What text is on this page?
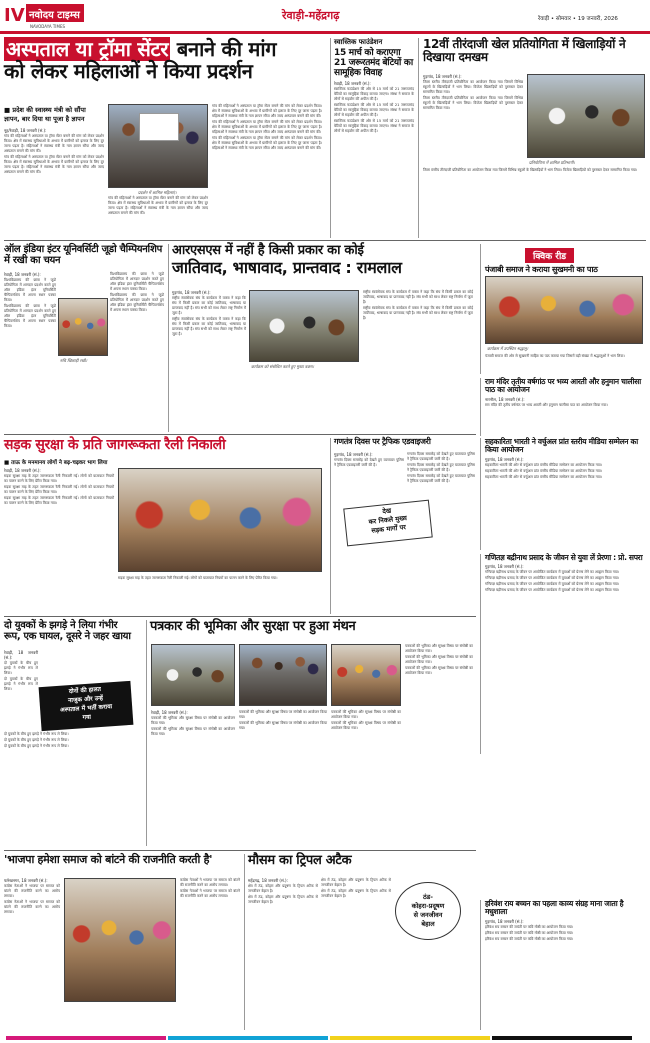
IV नवोदय टाइम्स
NAVODAYA TIMES
रेवाड़ी-महेंद्रगढ़	रेवाड़ी • सोमवार • 19 जनवरी, 2026
अस्पताल या ट्रॉमा सेंटर बनाने की मांग
को लेकर महिलाओं ने किया प्रदर्शन
■ प्रदेश की स्वास्थ्य मंत्री को सौंपा
ज्ञापन, बार दिया था पूजा है ज्ञापन
नूह/रेवाड़ी, 18 जनवरी (सं.):

गांव की महिलाओं ने अस्पताल या ट्रॉमा सेंटर बनाने की मांग को लेकर प्रदर्शन किया। क्षेत्र में स्वास्थ्य सुविधाओं के अभाव में ग्रामीणों को इलाज के लिए दूर जाना पड़ता है। महिलाओं ने स्वास्थ्य मंत्री के नाम ज्ञापन सौंपा और जल्द अस्पताल बनाने की मांग की।

गांव की महिलाओं ने अस्पताल या ट्रॉमा सेंटर बनाने की मांग को लेकर प्रदर्शन किया। क्षेत्र में स्वास्थ्य सुविधाओं के अभाव में ग्रामीणों को इलाज के लिए दूर जाना पड़ता है। महिलाओं ने स्वास्थ्य मंत्री के नाम ज्ञापन सौंपा और जल्द अस्पताल बनाने की मांग की।

प्रदर्शन में शामिल महिलाएं।

गांव की महिलाओं ने अस्पताल या ट्रॉमा सेंटर बनाने की मांग को लेकर प्रदर्शन किया। क्षेत्र में स्वास्थ्य सुविधाओं के अभाव में ग्रामीणों को इलाज के लिए दूर जाना पड़ता है। महिलाओं ने स्वास्थ्य मंत्री के नाम ज्ञापन सौंपा और जल्द अस्पताल बनाने की मांग की।

गांव की महिलाओं ने अस्पताल या ट्रॉमा सेंटर बनाने की मांग को लेकर प्रदर्शन किया। क्षेत्र में स्वास्थ्य सुविधाओं के अभाव में ग्रामीणों को इलाज के लिए दूर जाना पड़ता है। महिलाओं ने स्वास्थ्य मंत्री के नाम ज्ञापन सौंपा और जल्द अस्पताल बनाने की मांग की।

गांव की महिलाओं ने अस्पताल या ट्रॉमा सेंटर बनाने की मांग को लेकर प्रदर्शन किया। क्षेत्र में स्वास्थ्य सुविधाओं के अभाव में ग्रामीणों को इलाज के लिए दूर जाना पड़ता है। महिलाओं ने स्वास्थ्य मंत्री के नाम ज्ञापन सौंपा और जल्द अस्पताल बनाने की मांग की।

गांव की महिलाओं ने अस्पताल या ट्रॉमा सेंटर बनाने की मांग को लेकर प्रदर्शन किया। क्षेत्र में स्वास्थ्य सुविधाओं के अभाव में ग्रामीणों को इलाज के लिए दूर जाना पड़ता है। महिलाओं ने स्वास्थ्य मंत्री के नाम ज्ञापन सौंपा और जल्द अस्पताल बनाने की मांग की।

स्वास्तिक फाउंडेशन
15 मार्च को कराएगा 21 जरूरतमंद बेटियों का सामूहिक विवाह
रेवाड़ी, 18 जनवरी (सं.):

स्वास्तिक फाउंडेशन की ओर से 15 मार्च को 21 जरूरतमंद बेटियों का सामूहिक विवाह कराया जाएगा। संस्था ने समाज के लोगों से सहयोग की अपील की है।

स्वास्तिक फाउंडेशन की ओर से 15 मार्च को 21 जरूरतमंद बेटियों का सामूहिक विवाह कराया जाएगा। संस्था ने समाज के लोगों से सहयोग की अपील की है।

स्वास्तिक फाउंडेशन की ओर से 15 मार्च को 21 जरूरतमंद बेटियों का सामूहिक विवाह कराया जाएगा। संस्था ने समाज के लोगों से सहयोग की अपील की है।

12वीं तीरंदाजी खेल प्रतियोगिता में खिलाड़ियों ने दिखाया दमखम
गुड़गांव, 18 जनवरी (सं.):

जिला स्तरीय तीरंदाजी प्रतियोगिता का आयोजन किया गया जिसमें विभिन्न स्कूलों के खिलाड़ियों ने भाग लिया। विजेता खिलाड़ियों को पुरस्कार देकर सम्मानित किया गया।

जिला स्तरीय तीरंदाजी प्रतियोगिता का आयोजन किया गया जिसमें विभिन्न स्कूलों के खिलाड़ियों ने भाग लिया। विजेता खिलाड़ियों को पुरस्कार देकर सम्मानित किया गया।

प्रतियोगिता में शामिल प्रतिभागी।

जिला स्तरीय तीरंदाजी प्रतियोगिता का आयोजन किया गया जिसमें विभिन्न स्कूलों के खिलाड़ियों ने भाग लिया। विजेता खिलाड़ियों को पुरस्कार देकर सम्मानित किया गया।

ऑल इंडिया इंटर यूनिवर्सिटी जूडो चैम्पियनशिप में रखी का चयन
रुचि खिलाड़ी रखी।
रेवाड़ी, 18 जनवरी (सं.):

विश्वविद्यालय की छात्रा ने जूडो प्रतियोगिता में शानदार प्रदर्शन करते हुए ऑल इंडिया इंटर यूनिवर्सिटी चैम्पियनशिप में अपना स्थान पक्का किया।

विश्वविद्यालय की छात्रा ने जूडो प्रतियोगिता में शानदार प्रदर्शन करते हुए ऑल इंडिया इंटर यूनिवर्सिटी चैम्पियनशिप में अपना स्थान पक्का किया।

विश्वविद्यालय की छात्रा ने जूडो प्रतियोगिता में शानदार प्रदर्शन करते हुए ऑल इंडिया इंटर यूनिवर्सिटी चैम्पियनशिप में अपना स्थान पक्का किया।

विश्वविद्यालय की छात्रा ने जूडो प्रतियोगिता में शानदार प्रदर्शन करते हुए ऑल इंडिया इंटर यूनिवर्सिटी चैम्पियनशिप में अपना स्थान पक्का किया।

आरएसएस में नहीं है किसी प्रकार का कोई
जातिवाद, भाषावाद, प्रान्तवाद : रामलाल
गुड़गांव, 18 जनवरी (सं.):

राष्ट्रीय स्वयंसेवक संघ के कार्यक्रम में वक्ता ने कहा कि संघ में किसी प्रकार का कोई जातिवाद, भाषावाद या प्रान्तवाद नहीं है। संघ सभी को साथ लेकर राष्ट्र निर्माण में जुटा है।

राष्ट्रीय स्वयंसेवक संघ के कार्यक्रम में वक्ता ने कहा कि संघ में किसी प्रकार का कोई जातिवाद, भाषावाद या प्रान्तवाद नहीं है। संघ सभी को साथ लेकर राष्ट्र निर्माण में जुटा है।

कार्यक्रम को संबोधित करते हुए मुख्य वक्ता।

राष्ट्रीय स्वयंसेवक संघ के कार्यक्रम में वक्ता ने कहा कि संघ में किसी प्रकार का कोई जातिवाद, भाषावाद या प्रान्तवाद नहीं है। संघ सभी को साथ लेकर राष्ट्र निर्माण में जुटा है।

राष्ट्रीय स्वयंसेवक संघ के कार्यक्रम में वक्ता ने कहा कि संघ में किसी प्रकार का कोई जातिवाद, भाषावाद या प्रान्तवाद नहीं है। संघ सभी को साथ लेकर राष्ट्र निर्माण में जुटा है।

क्विक रीड
पंजाबी समाज ने कराया सुखमनी का पाठ
कार्यक्रम में उपस्थित श्रद्धालु।

पंजाबी समाज की ओर से सुखमनी साहिब का पाठ कराया गया जिसमें बड़ी संख्या में श्रद्धालुओं ने भाग लिया।

राम मंदिर तृतीय वर्षगांठ पर भव्य आरती और हनुमान चालीसा पाठ का आयोजन
नारनौल, 18 जनवरी (सं.):

राम मंदिर की तृतीय वर्षगांठ पर भव्य आरती और हनुमान चालीसा पाठ का आयोजन किया गया।

सड़क सुरक्षा के प्रति जागरूकता रैली निकाली
■ ताऊ के मनमानय लोगों ने बढ़-चढ़कर भाग लिया
रेवाड़ी, 18 जनवरी (सं.):

सड़क सुरक्षा माह के तहत जागरूकता रैली निकाली गई। लोगों को यातायात नियमों का पालन करने के लिए प्रेरित किया गया।

सड़क सुरक्षा माह के तहत जागरूकता रैली निकाली गई। लोगों को यातायात नियमों का पालन करने के लिए प्रेरित किया गया।

सड़क सुरक्षा माह के तहत जागरूकता रैली निकाली गई। लोगों को यातायात नियमों का पालन करने के लिए प्रेरित किया गया।

सड़क सुरक्षा माह के तहत जागरूकता रैली निकाली गई। लोगों को यातायात नियमों का पालन करने के लिए प्रेरित किया गया।

गणतंत्र दिवस पर ट्रैफिक एडवाइजरी
देख
कर निकले मुख्य
सड़क मार्गों पर
गुड़गांव, 18 जनवरी (सं.):

गणतंत्र दिवस समारोह को देखते हुए यातायात पुलिस ने ट्रैफिक एडवाइजरी जारी की है।

गणतंत्र दिवस समारोह को देखते हुए यातायात पुलिस ने ट्रैफिक एडवाइजरी जारी की है।

गणतंत्र दिवस समारोह को देखते हुए यातायात पुलिस ने ट्रैफिक एडवाइजरी जारी की है।

गणतंत्र दिवस समारोह को देखते हुए यातायात पुलिस ने ट्रैफिक एडवाइजरी जारी की है।

सहकारिता भारती ने वर्चुअल प्रांत स्तरीय मीडिया सम्मेलन का किया आयोजन
गुड़गांव, 18 जनवरी (सं.):

सहकारिता भारती की ओर से वर्चुअल प्रांत स्तरीय मीडिया सम्मेलन का आयोजन किया गया।

सहकारिता भारती की ओर से वर्चुअल प्रांत स्तरीय मीडिया सम्मेलन का आयोजन किया गया।

सहकारिता भारती की ओर से वर्चुअल प्रांत स्तरीय मीडिया सम्मेलन का आयोजन किया गया।

दो युवकों के झगड़े ने लिया गंभीर
रूप, एक घायल, दूसरे ने जहर खाया
दोनों की हालत
नाजुक और उन्हें
अस्पताल में भर्ती कराया
गया
रेवाड़ी, 18 जनवरी (सं.):

दो युवकों के बीच हुए झगड़े ने गंभीर रूप ले लिया।

दो युवकों के बीच हुए झगड़े ने गंभीर रूप ले लिया।

दो युवकों के बीच हुए झगड़े ने गंभीर रूप ले लिया।

दो युवकों के बीच हुए झगड़े ने गंभीर रूप ले लिया।

दो युवकों के बीच हुए झगड़े ने गंभीर रूप ले लिया।

पत्रकार की भूमिका और सुरक्षा पर हुआ मंथन
रेवाड़ी, 18 जनवरी (सं.):

पत्रकारों की भूमिका और सुरक्षा विषय पर संगोष्ठी का आयोजन किया गया।

पत्रकारों की भूमिका और सुरक्षा विषय पर संगोष्ठी का आयोजन किया गया।

पत्रकारों की भूमिका और सुरक्षा विषय पर संगोष्ठी का आयोजन किया गया।

पत्रकारों की भूमिका और सुरक्षा विषय पर संगोष्ठी का आयोजन किया गया।

पत्रकारों की भूमिका और सुरक्षा विषय पर संगोष्ठी का आयोजन किया गया।

पत्रकारों की भूमिका और सुरक्षा विषय पर संगोष्ठी का आयोजन किया गया।

पत्रकारों की भूमिका और सुरक्षा विषय पर संगोष्ठी का आयोजन किया गया।

पत्रकारों की भूमिका और सुरक्षा विषय पर संगोष्ठी का आयोजन किया गया।

पत्रकारों की भूमिका और सुरक्षा विषय पर संगोष्ठी का आयोजन किया गया।

गणितज्ञ बद्रीनाथ प्रसाद के जीवन से युवा लें प्रेरणा : प्रो. सपरा
गुड़गांव, 18 जनवरी (सं.):

गणितज्ञ बद्रीनाथ प्रसाद के जीवन पर आयोजित कार्यक्रम में युवाओं को प्रेरणा लेने का आह्वान किया गया।

गणितज्ञ बद्रीनाथ प्रसाद के जीवन पर आयोजित कार्यक्रम में युवाओं को प्रेरणा लेने का आह्वान किया गया।

गणितज्ञ बद्रीनाथ प्रसाद के जीवन पर आयोजित कार्यक्रम में युवाओं को प्रेरणा लेने का आह्वान किया गया।

गणितज्ञ बद्रीनाथ प्रसाद के जीवन पर आयोजित कार्यक्रम में युवाओं को प्रेरणा लेने का आह्वान किया गया।

'भाजपा हमेशा समाज को बांटने की राजनीति करती है'
फर्रुखनगर, 18 जनवरी (सं.):

कांग्रेस नेताओं ने भाजपा पर समाज को बांटने की राजनीति करने का आरोप लगाया।

कांग्रेस नेताओं ने भाजपा पर समाज को बांटने की राजनीति करने का आरोप लगाया।

कांग्रेस नेताओं ने भाजपा पर समाज को बांटने की राजनीति करने का आरोप लगाया।

कांग्रेस नेताओं ने भाजपा पर समाज को बांटने की राजनीति करने का आरोप लगाया।

मौसम का ट्रिपल अटैक
ठंड-
कोहरा-प्रदूषण
से जनजीवन
बेहाल
महेंद्रगढ़, 18 जनवरी (सं.):

क्षेत्र में ठंड, कोहरा और प्रदूषण के ट्रिपल अटैक से जनजीवन बेहाल है।

क्षेत्र में ठंड, कोहरा और प्रदूषण के ट्रिपल अटैक से जनजीवन बेहाल है।

क्षेत्र में ठंड, कोहरा और प्रदूषण के ट्रिपल अटैक से जनजीवन बेहाल है।

क्षेत्र में ठंड, कोहरा और प्रदूषण के ट्रिपल अटैक से जनजीवन बेहाल है।

हरिवंश राय बच्चन का पहला काव्य संग्रह माना जाता है मधुशाला
गुड़गांव, 18 जनवरी (सं.):

हरिवंश राय बच्चन की जयंती पर कवि गोष्ठी का आयोजन किया गया।

हरिवंश राय बच्चन की जयंती पर कवि गोष्ठी का आयोजन किया गया।

हरिवंश राय बच्चन की जयंती पर कवि गोष्ठी का आयोजन किया गया।
